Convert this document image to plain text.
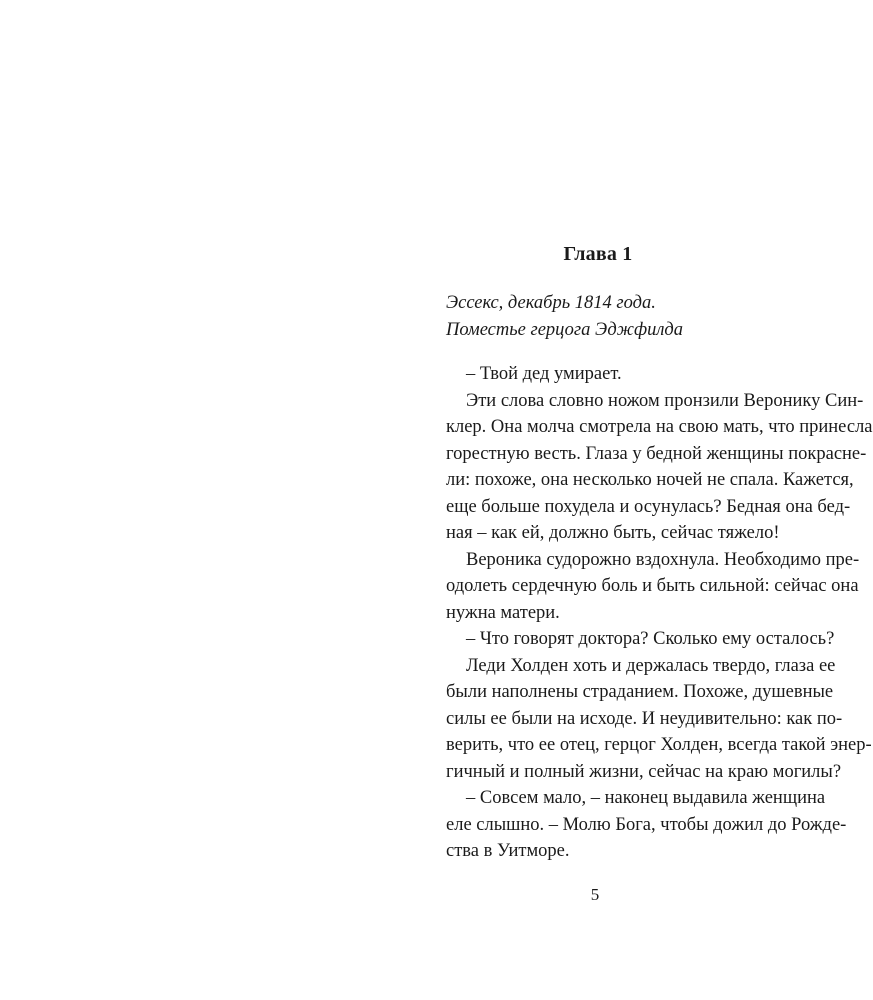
Глава 1
Эссекс, декабрь 1814 года.
Поместье герцога Эджфилда
– Твой дед умирает.
Эти слова словно ножом пронзили Веронику Син-
клер. Она молча смотрела на свою мать, что принесла
горестную весть. Глаза у бедной женщины покрасне-
ли: похоже, она несколько ночей не спала. Кажется,
еще больше похудела и осунулась? Бедная она бед-
ная – как ей, должно быть, сейчас тяжело!
Вероника судорожно вздохнула. Необходимо пре-
одолеть сердечную боль и быть сильной: сейчас она
нужна матери.
– Что говорят доктора? Сколько ему осталось?
Леди Холден хоть и держалась твердо, глаза ее
были наполнены страданием. Похоже, душевные
силы ее были на исходе. И неудивительно: как по-
верить, что ее отец, герцог Холден, всегда такой энер-
гичный и полный жизни, сейчас на краю могилы?
– Совсем мало, – наконец выдавила женщина
еле слышно. – Молю Бога, чтобы дожил до Рожде-
ства в Уитморе.
5
